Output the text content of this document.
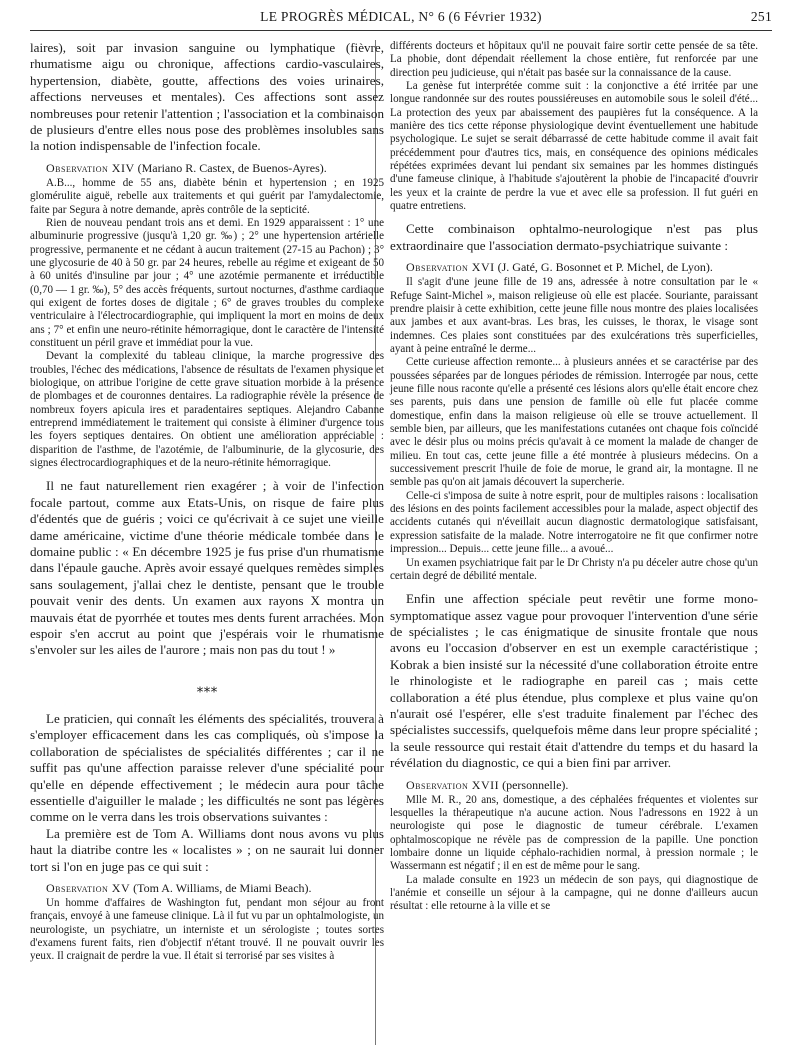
LE PROGRÈS MÉDICAL, N° 6 (6 Février 1932)	251

laires), soit par invasion sanguine ou lymphatique (fièvre, rhumatisme aigu ou chronique, affections cardio-vasculaires, hypertension, diabète, goutte, affections des voies urinaires, affections nerveuses et mentales). Ces affections sont assez nombreuses pour retenir l'attention ; l'association et la combinaison de plusieurs d'entre elles nous pose des problèmes insolubles sans la notion indispensable de l'infection focale.

Observation XIV (Mariano R. Castex, de Buenos-Ayres).

A.B..., homme de 55 ans, diabète bénin et hypertension ; en 1925 glomérulite aiguë, rebelle aux traitements et qui guérit par l'amydalectomie, faite par Segura à notre demande, après contrôle de la septicité.

Rien de nouveau pendant trois ans et demi. En 1929 apparaissent : 1° une albuminurie progressive (jusqu'à 1,20 gr. ‰) ; 2° une hypertension artérielle progressive, permanente et ne cédant à aucun traitement (27-15 au Pachon) ; 3° une glycosurie de 40 à 50 gr. par 24 heures, rebelle au régime et exigeant de 50 à 60 unités d'insuline par jour ; 4° une azotémie permanente et irréductible (0,70 — 1 gr. ‰), 5° des accès fréquents, surtout nocturnes, d'asthme cardiaque qui exigent de fortes doses de digitale ; 6° de graves troubles du complexe ventriculaire à l'électrocardiographie, qui impliquent la mort en moins de deux ans ; 7° et enfin une neuro-rétinite hémorragique, dont le caractère de l'intensité constituent un péril grave et immédiat pour la vue.

Devant la complexité du tableau clinique, la marche progressive des troubles, l'échec des médications, l'absence de résultats de l'examen physique et biologique, on attribue l'origine de cette grave situation morbide à la présence de plombages et de couronnes dentaires. La radiographie révèle la présence de nombreux foyers apicula ires et paradentaires septiques. Alejandro Cabanne entreprend immédiatement le traitement qui consiste à éliminer d'urgence tous les foyers septiques dentaires. On obtient une amélioration appréciable : disparition de l'asthme, de l'azotémie, de l'albuminurie, de la glycosurie, des signes électrocardiographiques et de la neuro-rétinite hémorragique.

Il ne faut naturellement rien exagérer ; à voir de l'infection focale partout, comme aux Etats-Unis, on risque de faire plus d'édentés que de guéris ; voici ce qu'écrivait à ce sujet une vieille dame américaine, victime d'une théorie médicale tombée dans le domaine public : « En décembre 1925 je fus prise d'un rhumatisme dans l'épaule gauche. Après avoir essayé quelques remèdes simples sans soulagement, j'allai chez le dentiste, pensant que le trouble pouvait venir des dents. Un examen aux rayons X montra un mauvais état de pyorrhée et toutes mes dents furent arrachées. Mon espoir s'en accrut au point que j'espérais voir le rhumatisme s'envoler sur les ailes de l'aurore ; mais non pas du tout ! »

⁎⁎⁎

Le praticien, qui connaît les éléments des spécialités, trouvera à s'employer efficacement dans les cas compliqués, où s'impose la collaboration de spécialistes de spécialités différentes ; car il ne suffit pas qu'une affection paraisse relever d'une spécialité pour qu'elle en dépende effectivement ; le médecin aura pour tâche essentielle d'aiguiller le malade ; les difficultés ne sont pas légères comme on le verra dans les trois observations suivantes :

La première est de Tom A. Williams dont nous avons vu plus haut la diatribe contre les « localistes » ; on ne saurait lui donner tort si l'on en juge pas ce qui suit :

Observation XV (Tom A. Williams, de Miami Beach).

Un homme d'affaires de Washington fut, pendant mon séjour au front français, envoyé à une fameuse clinique. Là il fut vu par un ophtalmologiste, un neurologiste, un psychiatre, un interniste et un sérologiste ; toutes sortes d'examens furent faits, rien d'objectif n'étant trouvé. Il ne pouvait ouvrir les yeux. Il craignait de perdre la vue. Il était si terrorisé par ses visites à

différents docteurs et hôpitaux qu'il ne pouvait faire sortir cette pensée de sa tête. La phobie, dont dépendait réellement la chose entière, fut renforcée par une direction peu judicieuse, qui n'était pas basée sur la connaissance de la cause.

La genèse fut interprétée comme suit : la conjonctive a été irritée par une longue randonnée sur des routes poussiéreuses en automobile sous le soleil d'été... La protection des yeux par abaissement des paupières fut la conséquence. A la manière des tics cette réponse physiologique devint éventuellement une habitude psychologique. Le sujet se serait débarrassé de cette habitude comme il avait fait précédemment pour d'autres tics, mais, en conséquence des opinions médicales répétées exprimées devant lui pendant six semaines par les hommes distingués d'une fameuse clinique, à l'habitude s'ajoutèrent la phobie de l'incapacité d'ouvrir les yeux et la crainte de perdre la vue et avec elle sa profession. Il fut guéri en quatre entretiens.

Cette combinaison ophtalmo-neurologique n'est pas plus extraordinaire que l'association dermato-psychiatrique suivante :

Observation XVI (J. Gaté, G. Bosonnet et P. Michel, de Lyon).

Il s'agit d'une jeune fille de 19 ans, adressée à notre consultation par le « Refuge Saint-Michel », maison religieuse où elle est placée. Souriante, paraissant prendre plaisir à cette exhibition, cette jeune fille nous montre des plaies localisées aux jambes et aux avant-bras. Les bras, les cuisses, le thorax, le visage sont indemnes. Ces plaies sont constituées par des exulcérations très superficielles, ayant à peine entraîné le derme...

Cette curieuse affection remonte... à plusieurs années et se caractérise par des poussées séparées par de longues périodes de rémission. Interrogée par nous, cette jeune fille nous raconte qu'elle a présenté ces lésions alors qu'elle était encore chez ses parents, puis dans une pension de famille où elle fut placée comme domestique, enfin dans la maison religieuse où elle se trouve actuellement. Il semble bien, par ailleurs, que les manifestations cutanées ont chaque fois coïncidé avec le désir plus ou moins précis qu'avait à ce moment la malade de changer de milieu. En tout cas, cette jeune fille a été montrée à plusieurs médecins. On a successivement prescrit l'huile de foie de morue, le grand air, la montagne. Il ne semble pas qu'on ait jamais découvert la supercherie.

Celle-ci s'imposa de suite à notre esprit, pour de multiples raisons : localisation des lésions en des points facilement accessibles pour la malade, aspect objectif des accidents cutanés qui n'éveillait aucun diagnostic dermatologique satisfaisant, expression satisfaite de la malade. Notre interrogatoire ne fit que confirmer notre impression... Depuis... cette jeune fille... a avoué...

Un examen psychiatrique fait par le Dr Christy n'a pu déceler autre chose qu'un certain degré de débilité mentale.

Enfin une affection spéciale peut revêtir une forme mono-symptomatique assez vague pour provoquer l'intervention d'une série de spécialistes ; le cas énigmatique de sinusite frontale que nous avons eu l'occasion d'observer en est un exemple caractéristique ; Kobrak a bien insisté sur la nécessité d'une collaboration étroite entre le rhinologiste et le radiographe en pareil cas ; mais cette collaboration a été plus étendue, plus complexe et plus vaine qu'on n'aurait osé l'espérer, elle s'est traduite finalement par l'échec des spécialistes successifs, quelquefois même dans leur propre spécialité ; la seule ressource qui restait était d'attendre du temps et du hasard la révélation du diagnostic, ce qui a bien fini par arriver.

Observation XVII (personnelle).

Mlle M. R., 20 ans, domestique, a des céphalées fréquentes et violentes sur lesquelles la thérapeutique n'a aucune action. Nous l'adressons en 1922 à un neurologiste qui pose le diagnostic de tumeur cérébrale. L'examen ophtalmoscopique ne révèle pas de compression de la papille. Une ponction lombaire donne un liquide céphalo-rachidien normal, à pression normale ; le Wassermann est négatif ; il en est de même pour le sang.

La malade consulte en 1923 un médecin de son pays, qui diagnostique de l'anémie et conseille un séjour à la campagne, qui ne donne d'ailleurs aucun résultat : elle retourne à la ville et se
